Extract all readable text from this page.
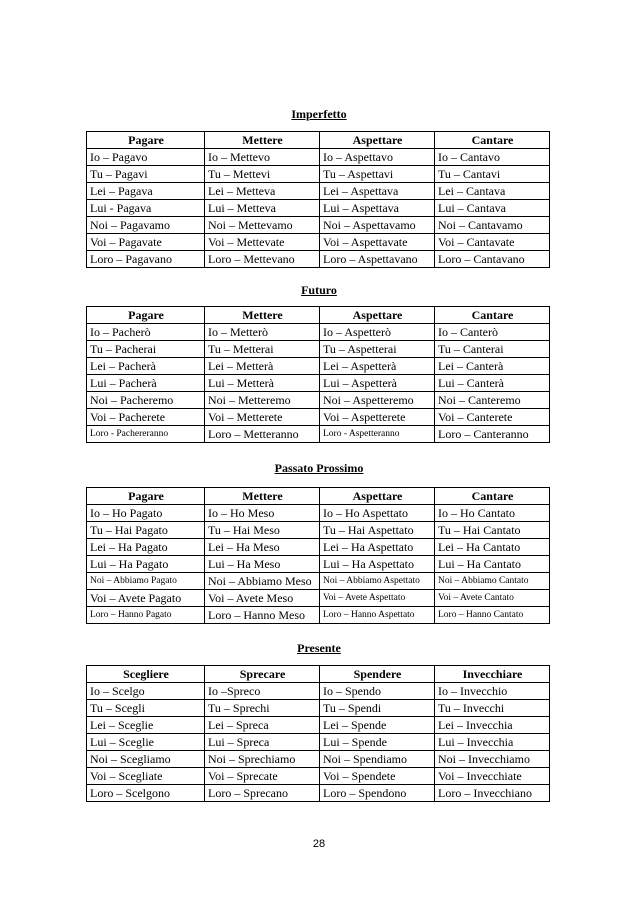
Imperfetto
Pagare	Mettere	Aspettare	Cantare
Io – Pagavo	Io – Mettevo	Io – Aspettavo	Io – Cantavo
Tu – Pagavi	Tu – Mettevi	Tu – Aspettavi	Tu – Cantavi
Lei – Pagava	Lei – Metteva	Lei – Aspettava	Lei – Cantava
Lui - Pagava	Lui – Metteva	Lui – Aspettava	Lui – Cantava
Noi – Pagavamo	Noi – Mettevamo	Noi – Aspettavamo	Noi – Cantavamo
Voi – Pagavate	Voi – Mettevate	Voi – Aspettavate	Voi – Cantavate
Loro – Pagavano	Loro – Mettevano	Loro – Aspettavano	Loro – Cantavano
Futuro
Pagare	Mettere	Aspettare	Cantare
Io – Pacherò	Io – Metterò	Io – Aspetterò	Io – Canterò
Tu – Pacherai	Tu – Metterai	Tu – Aspetterai	Tu – Canterai
Lei – Pacherà	Lei – Metterà	Lei – Aspetterà	Lei – Canterà
Lui – Pacherà	Lui – Metterà	Lui – Aspetterà	Lui – Canterà
Noi – Pacheremo	Noi – Metteremo	Noi – Aspetteremo	Noi – Canteremo
Voi – Pacherete	Voi – Metterete	Voi – Aspetterete	Voi – Canterete
Loro - Pachereranno	Loro – Metteranno	Loro - Aspetteranno	Loro – Canteranno
Passato Prossimo
Pagare	Mettere	Aspettare	Cantare
Io – Ho Pagato	Io – Ho Meso	Io – Ho Aspettato	Io – Ho Cantato
Tu – Hai Pagato	Tu – Hai Meso	Tu – Hai Aspettato	Tu – Hai Cantato
Lei – Ha Pagato	Lei – Ha Meso	Lei – Ha Aspettato	Lei – Ha Cantato
Lui – Ha Pagato	Lui – Ha Meso	Lui – Ha Aspettato	Lui – Ha Cantato
Noi – Abbiamo Pagato	Noi – Abbiamo Meso	Noi – Abbiamo Aspettato	Noi – Abbiamo Cantato
Voi – Avete Pagato	Voi – Avete Meso	Voi – Avete Aspettato	Voi – Avete Cantato
Loro – Hanno Pagato	Loro – Hanno Meso	Loro – Hanno Aspettato	Loro – Hanno Cantato
Presente
Scegliere	Sprecare	Spendere	Invecchiare
Io – Scelgo	Io –Spreco	Io – Spendo	Io – Invecchio
Tu – Scegli	Tu – Sprechi	Tu – Spendi	Tu – Invecchi
Lei – Sceglie	Lei – Spreca	Lei – Spende	Lei – Invecchia
Lui – Sceglie	Lui – Spreca	Lui – Spende	Lui – Invecchia
Noi – Scegliamo	Noi – Sprechiamo	Noi – Spendiamo	Noi – Invecchiamo
Voi – Scegliate	Voi – Sprecate	Voi – Spendete	Voi – Invecchiate
Loro – Scelgono	Loro – Sprecano	Loro – Spendono	Loro – Invecchiano
28
